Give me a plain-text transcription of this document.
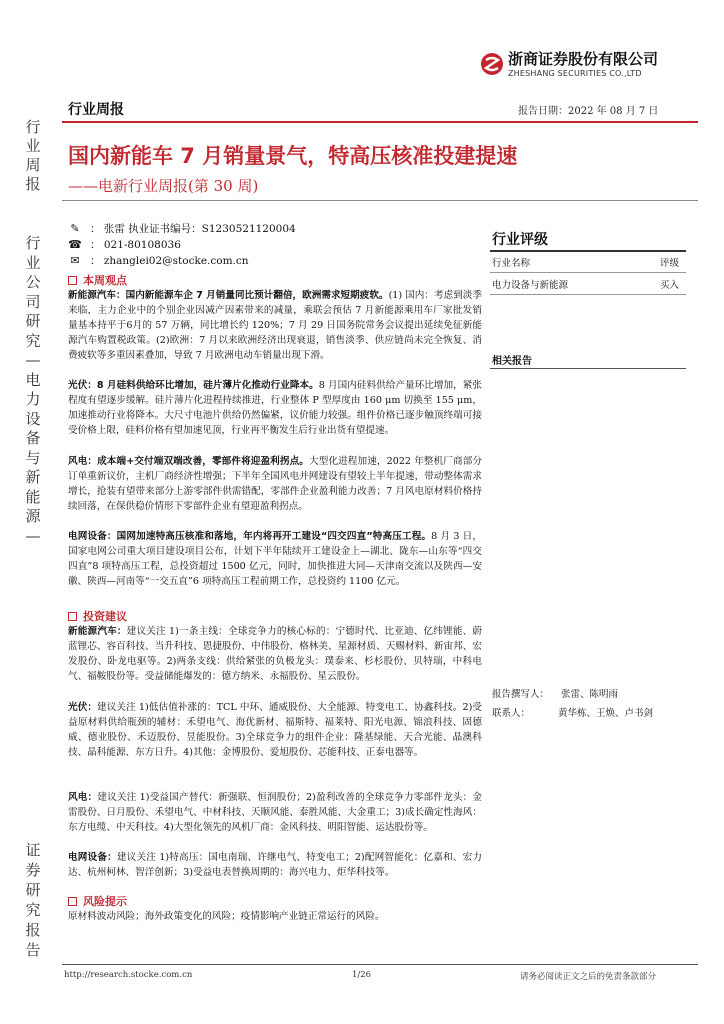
行
业
周
报
行
业
公
司
研
究
—
电
力
设
备
与
新
能
源
—
证
券
研
究
报
告
浙商证券股份有限公司
ZHESHANG SECURITIES CO.,LTD
行业周报	报告日期：2022 年 08 月 7 日
国内新能车 7 月销量景气，特高压核准投建提速
——电新行业周报(第 30 周)
✎ ： 张雷 执业证书编号：S1230521120004
☎ ： 021-80108036
✉ ： zhanglei02@stocke.com.cn
本周观点
新能源汽车：国内新能源车企 7 月销量同比预计翻倍，欧洲需求短期疲软。(1) 国内：考虑到淡季来临，主力企业中的个别企业因减产因素带来的减量，乘联会预估 7 月新能源乘用车厂家批发销量基本持平于6月的 57 万辆，同比增长约 120%；7 月 29 日国务院常务会议提出延续免征新能源汽车购置税政策。(2)欧洲：7 月以来欧洲经济出现衰退，销售淡季、供应链尚未完全恢复、消费疲软等多重因素叠加，导致 7 月欧洲电动车销量出现下滑。
光伏：8 月硅料供给环比增加，硅片薄片化推动行业降本。8 月国内硅料供给产量环比增加，紧张程度有望逐步缓解。硅片薄片化进程持续推进，行业整体 P 型厚度由 160 μm 切换至 155 μm，加速推动行业将降本。大尺寸电池片供给仍然偏紧，议价能力较强。组件价格已逐步触顶终端可接受价格上限，硅料价格有望加速见顶，行业再平衡发生后行业出货有望提速。
风电：成本端+交付端双端改善，零部件将迎盈利拐点。大型化进程加速，2022 年整机厂商部分订单重新议价，主机厂商经济性增强；下半年全国风电并网建设有望较上半年提速，带动整体需求增长，抢装有望带来部分上游零部件供需错配，零部件企业盈利能力改善；7 月风电原材料价格持续回落，在保供稳价情形下零部件企业有望迎盈利拐点。
电网设备：国网加速特高压核准和落地，年内将再开工建设“四交四直”特高压工程。8 月 3 日，国家电网公司重大项目建设项目公布，计划下半年陆续开工建设金上—湖北、陇东—山东等“四交四直”8 项特高压工程，总投资超过 1500 亿元，同时，加快推进大同—天津南交流以及陕西—安徽、陕西—河南等“一交五直”6 项特高压工程前期工作，总投资约 1100 亿元。
投资建议
新能源汽车：建议关注 1)一条主线：全球竞争力的核心标的：宁德时代、比亚迪、亿纬锂能、蔚蓝锂芯、容百科技、当升科技、恩捷股份、中伟股份、格林美、星源材质、天赐材料、新宙邦、宏发股份、卧龙电驱等。2)两条支线：供给紧张的负极龙头：璞泰来、杉杉股份、贝特瑞，中科电气、福鞍股份等。受益储能爆发的：德方纳米、永福股份、星云股份。
光伏：建议关注 1)低估值补涨的：TCL 中环、通威股份、大全能源、特变电工、协鑫科技。2)受益原材料供给瓶颈的辅材：禾望电气、海优新材、福斯特、福莱特、阳光电源、锦浪科技、固德威、德业股份、禾迈股份、昱能股份。3)全球竞争力的组件企业：隆基绿能、天合光能、晶澳科技、晶科能源、东方日升。4)其他：金博股份、爱旭股份、芯能科技、正泰电器等。
风电：建议关注 1)受益国产替代：新强联、恒润股份；2)盈利改善的全球竞争力零部件龙头：金雷股份、日月股份、禾望电气、中材科技、天顺风能、泰胜风能、大金重工；3)成长确定性海风：东方电缆、中天科技。4)大型化领先的风机厂商：金风科技、明阳智能、运达股份等。
电网设备：建议关注 1)特高压：国电南瑞、许继电气、特变电工；2)配网智能化：亿嘉和、宏力达、杭州柯林、智洋创新；3)受益电表替换周期的：海兴电力、炬华科技等。
风险提示
原材料波动风险；海外政策变化的风险；疫情影响产业链正常运行的风险。
行业评级
行业名称	评级
电力设备与新能源	买入
相关报告
报告撰写人： 张雷、陈明雨
联系人：	黄华栋、王焕、卢书剑
http://research.stocke.com.cn	1/26	请务必阅读正文之后的免责条款部分
